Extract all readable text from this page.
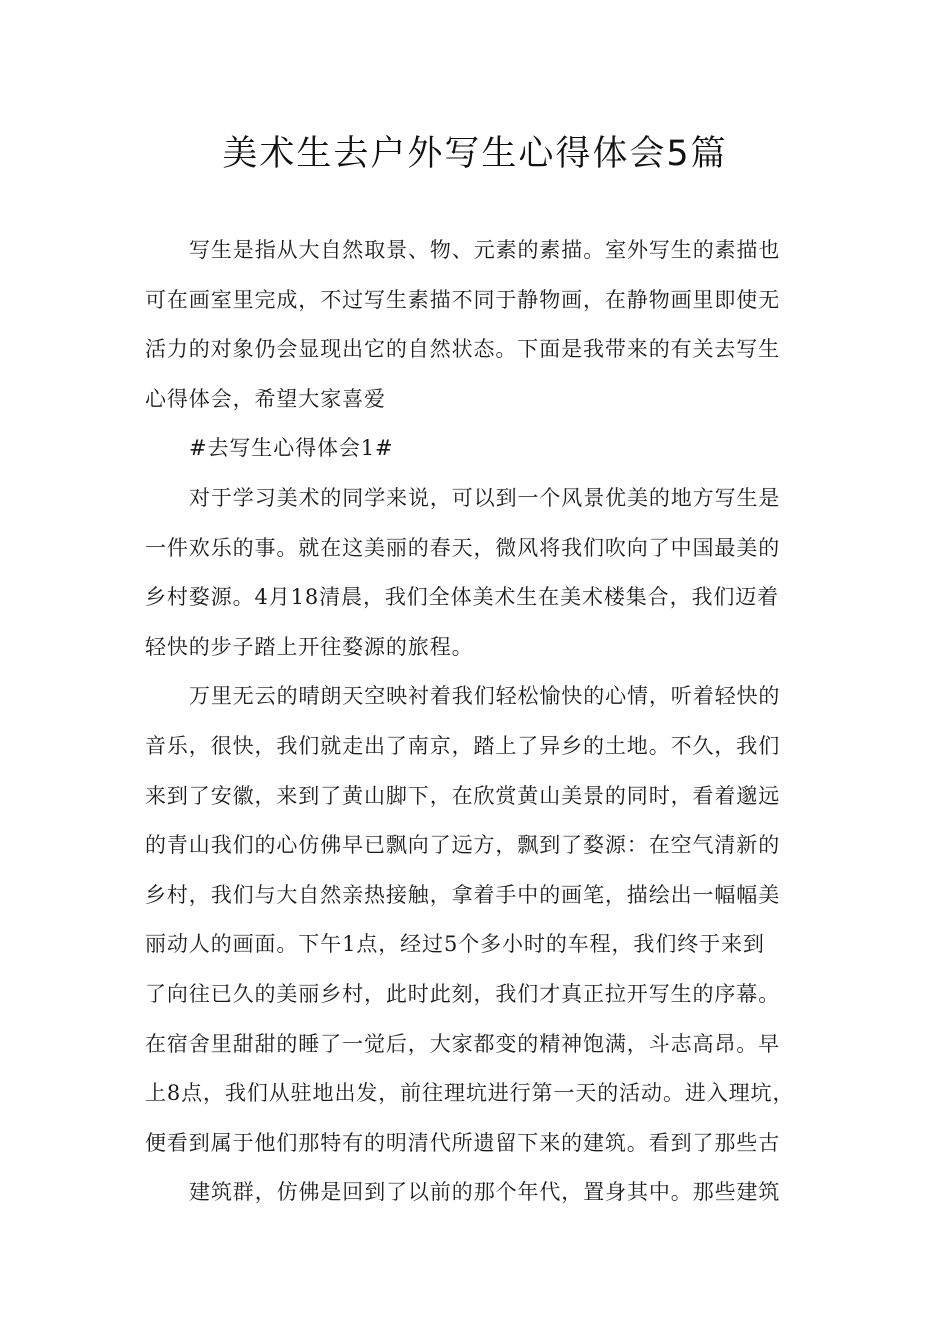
美术生去户外写生心得体会5篇
写生是指从大自然取景、物、元素的素描。室外写生的素描也
可在画室里完成，不过写生素描不同于静物画，在静物画里即使无
活力的对象仍会显现出它的自然状态。下面是我带来的有关去写生
心得体会，希望大家喜爱
#去写生心得体会1#
对于学习美术的同学来说，可以到一个风景优美的地方写生是
一件欢乐的事。就在这美丽的春天，微风将我们吹向了中国最美的
乡村婺源。4月18清晨，我们全体美术生在美术楼集合，我们迈着
轻快的步子踏上开往婺源的旅程。
万里无云的晴朗天空映衬着我们轻松愉快的心情，听着轻快的
音乐，很快，我们就走出了南京，踏上了异乡的土地。不久，我们
来到了安徽，来到了黄山脚下，在欣赏黄山美景的同时，看着邈远
的青山我们的心仿佛早已飘向了远方，飘到了婺源：在空气清新的
乡村，我们与大自然亲热接触，拿着手中的画笔，描绘出一幅幅美
丽动人的画面。下午1点，经过5个多小时的车程，我们终于来到
了向往已久的美丽乡村，此时此刻，我们才真正拉开写生的序幕。
在宿舍里甜甜的睡了一觉后，大家都变的精神饱满，斗志高昂。早
上8点，我们从驻地出发，前往理坑进行第一天的活动。进入理坑，
便看到属于他们那特有的明清代所遗留下来的建筑。看到了那些古
建筑群，仿佛是回到了以前的那个年代，置身其中。那些建筑
